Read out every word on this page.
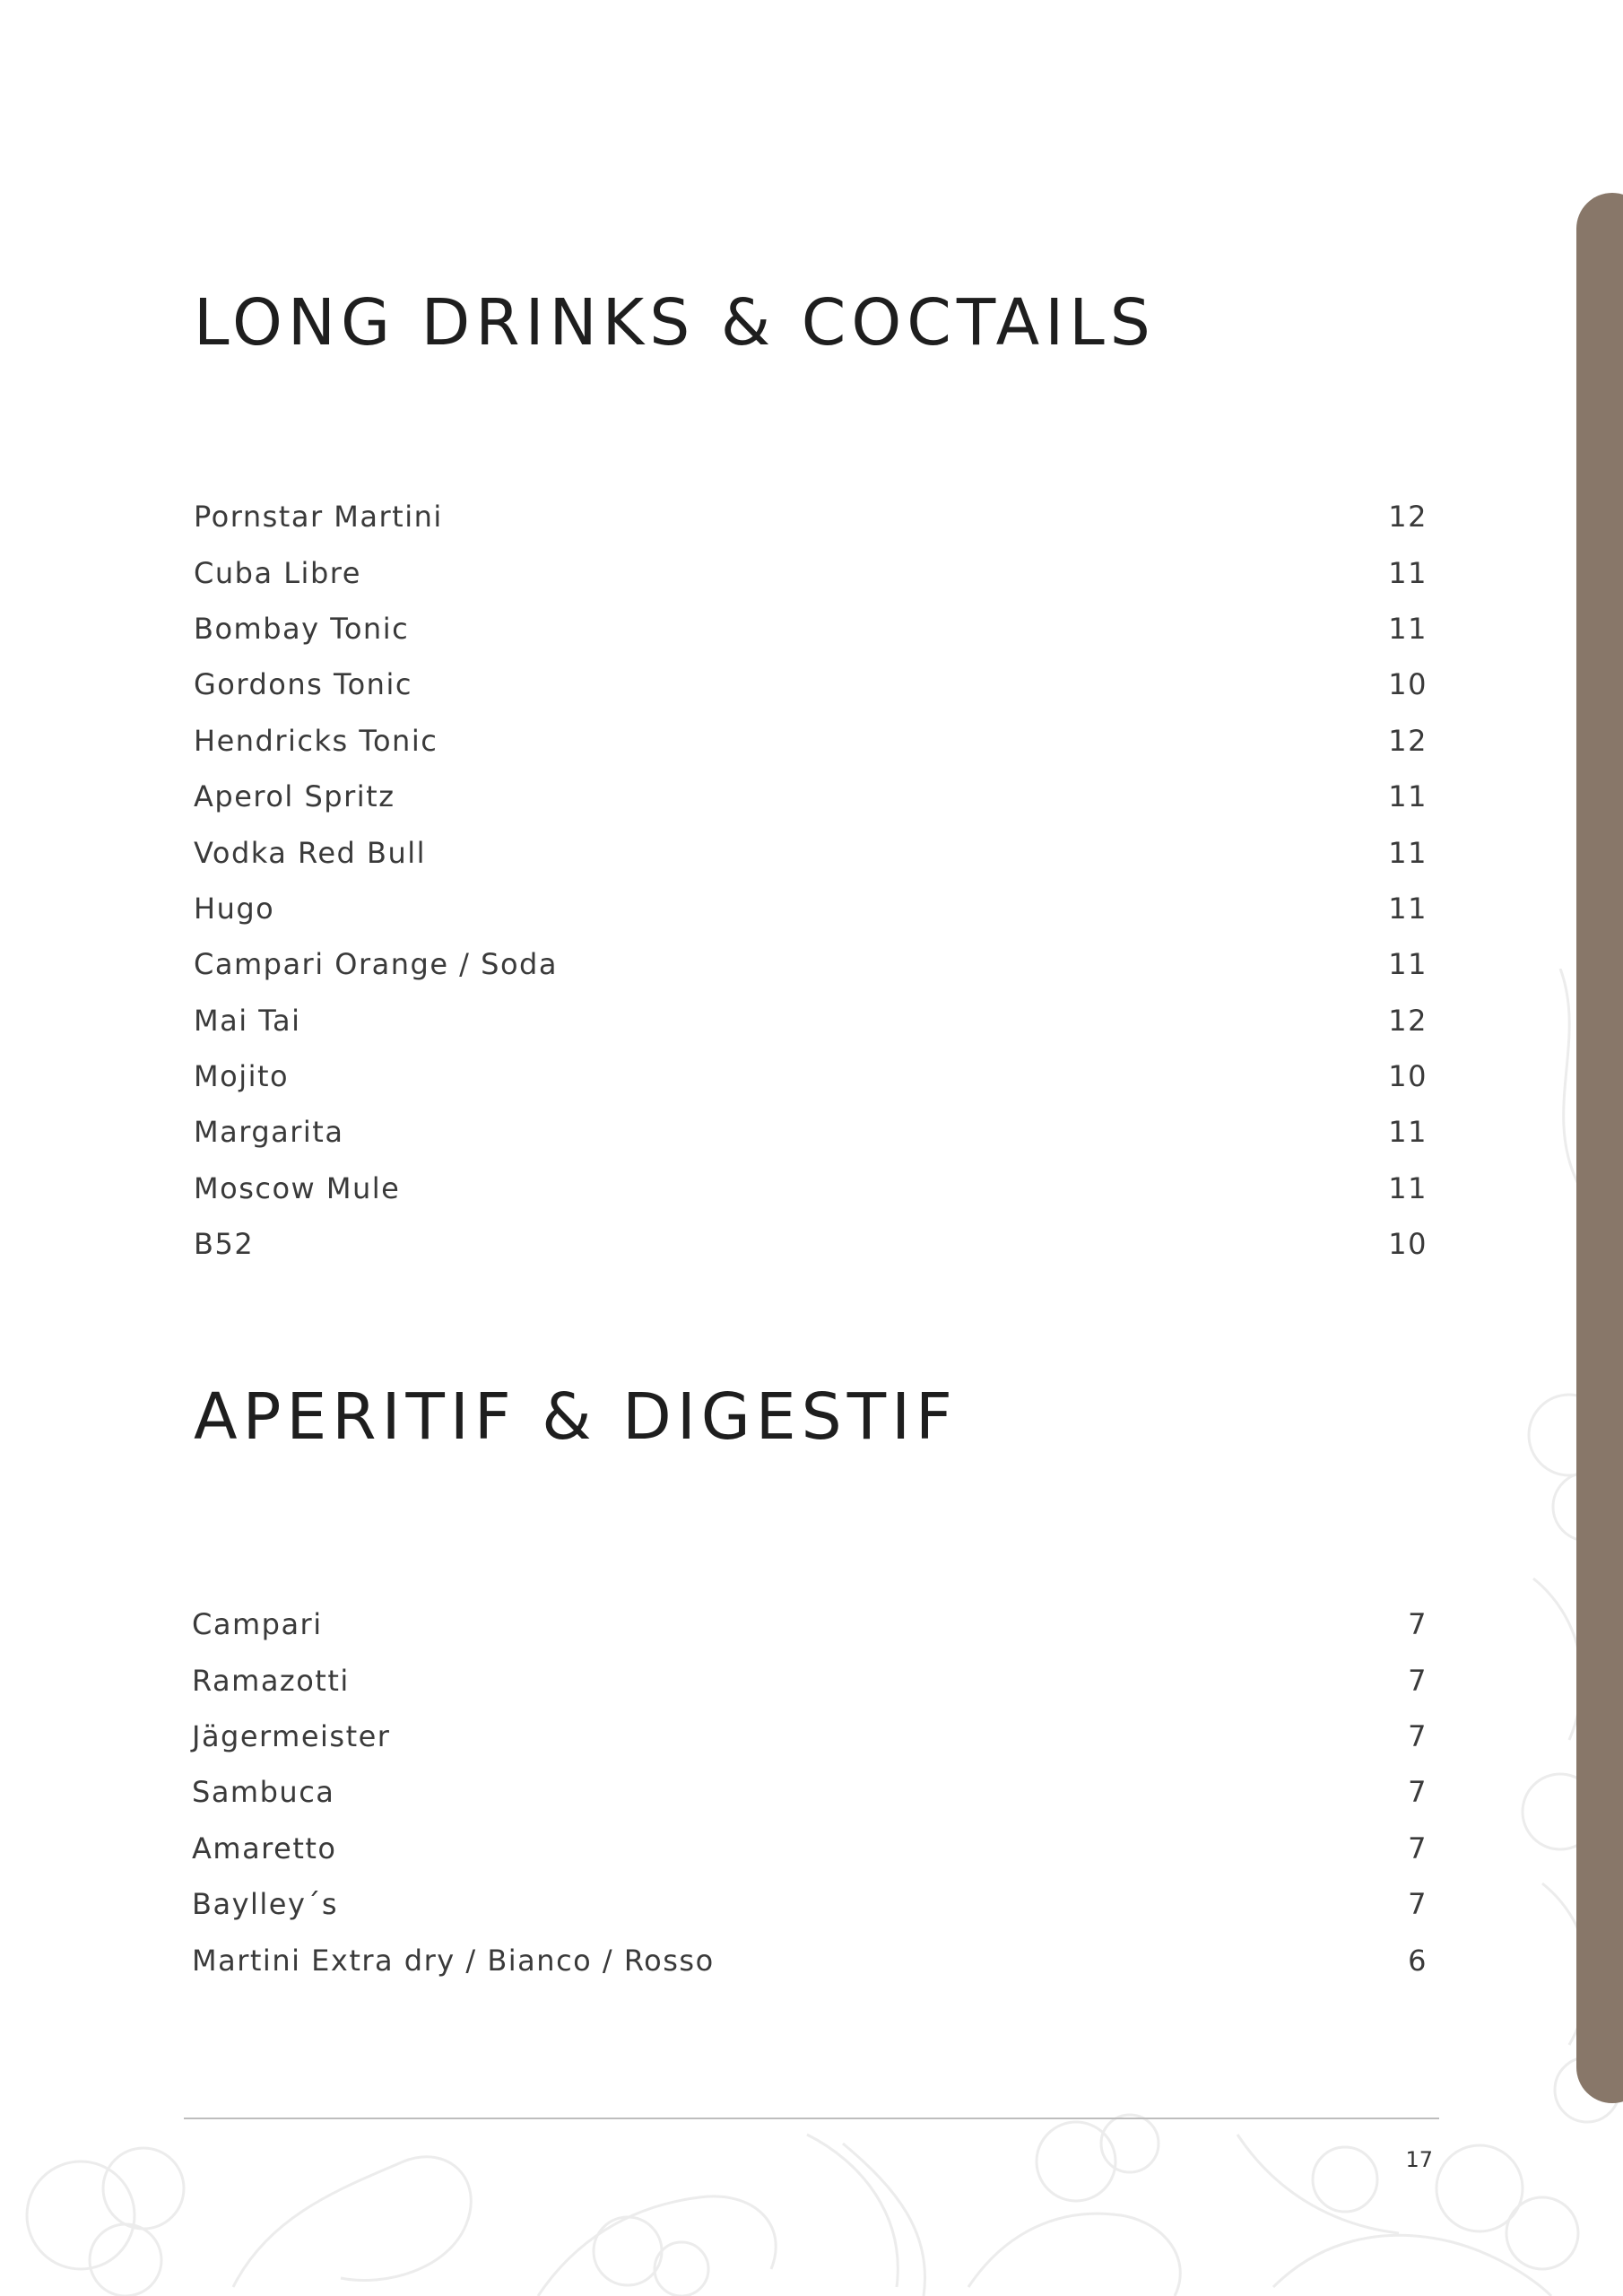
LONG DRINKS & COCTAILS
Pornstar Martini	12
Cuba Libre	11
Bombay Tonic	11
Gordons Tonic	10
Hendricks Tonic	12
Aperol Spritz	11
Vodka Red Bull	11
Hugo	11
Campari Orange / Soda	11
Mai Tai	12
Mojito	10
Margarita	11
Moscow Mule	11
B52	10
APERITIF & DIGESTIF
Campari	7
Ramazotti	7
Jägermeister	7
Sambuca	7
Amaretto	7
Baylley´s	7
Martini Extra dry / Bianco / Rosso	6
17
